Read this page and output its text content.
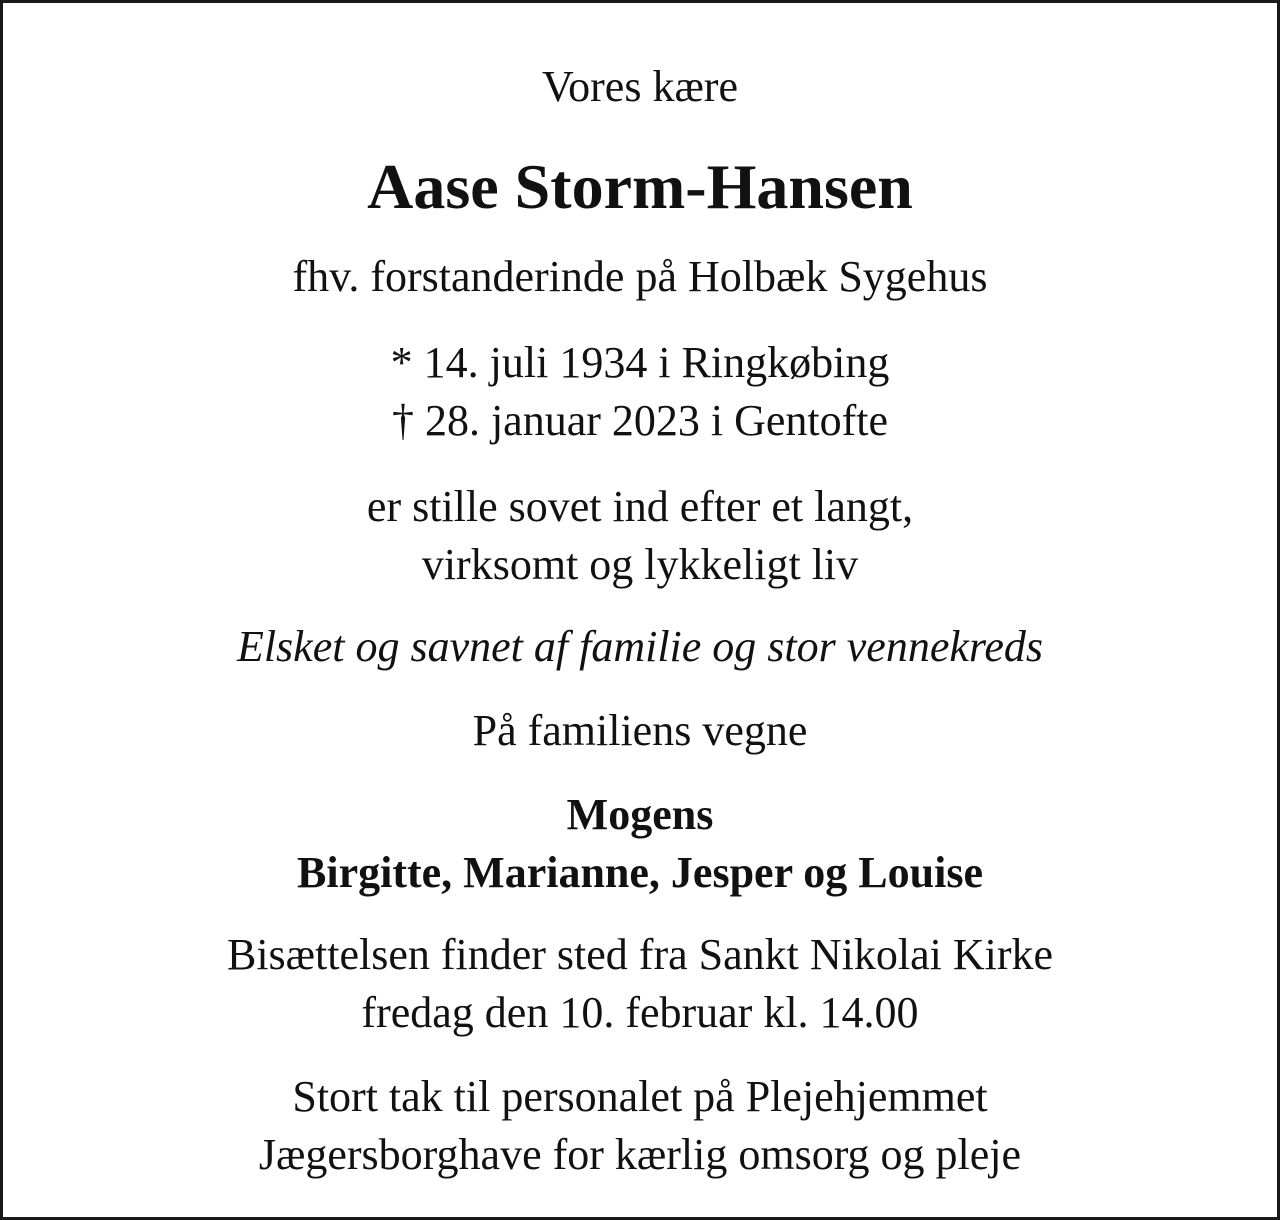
Vores kære
Aase Storm-Hansen
fhv. forstanderinde på Holbæk Sygehus
* 14. juli 1934 i Ringkøbing
† 28. januar 2023 i Gentofte
er stille sovet ind efter et langt,
virksomt og lykkeligt liv
Elsket og savnet af familie og stor vennekreds
På familiens vegne
Mogens
Birgitte, Marianne, Jesper og Louise
Bisættelsen finder sted fra Sankt Nikolai Kirke
fredag den 10. februar kl. 14.00
Stort tak til personalet på Plejehjemmet
Jægersborghave for kærlig omsorg og pleje
